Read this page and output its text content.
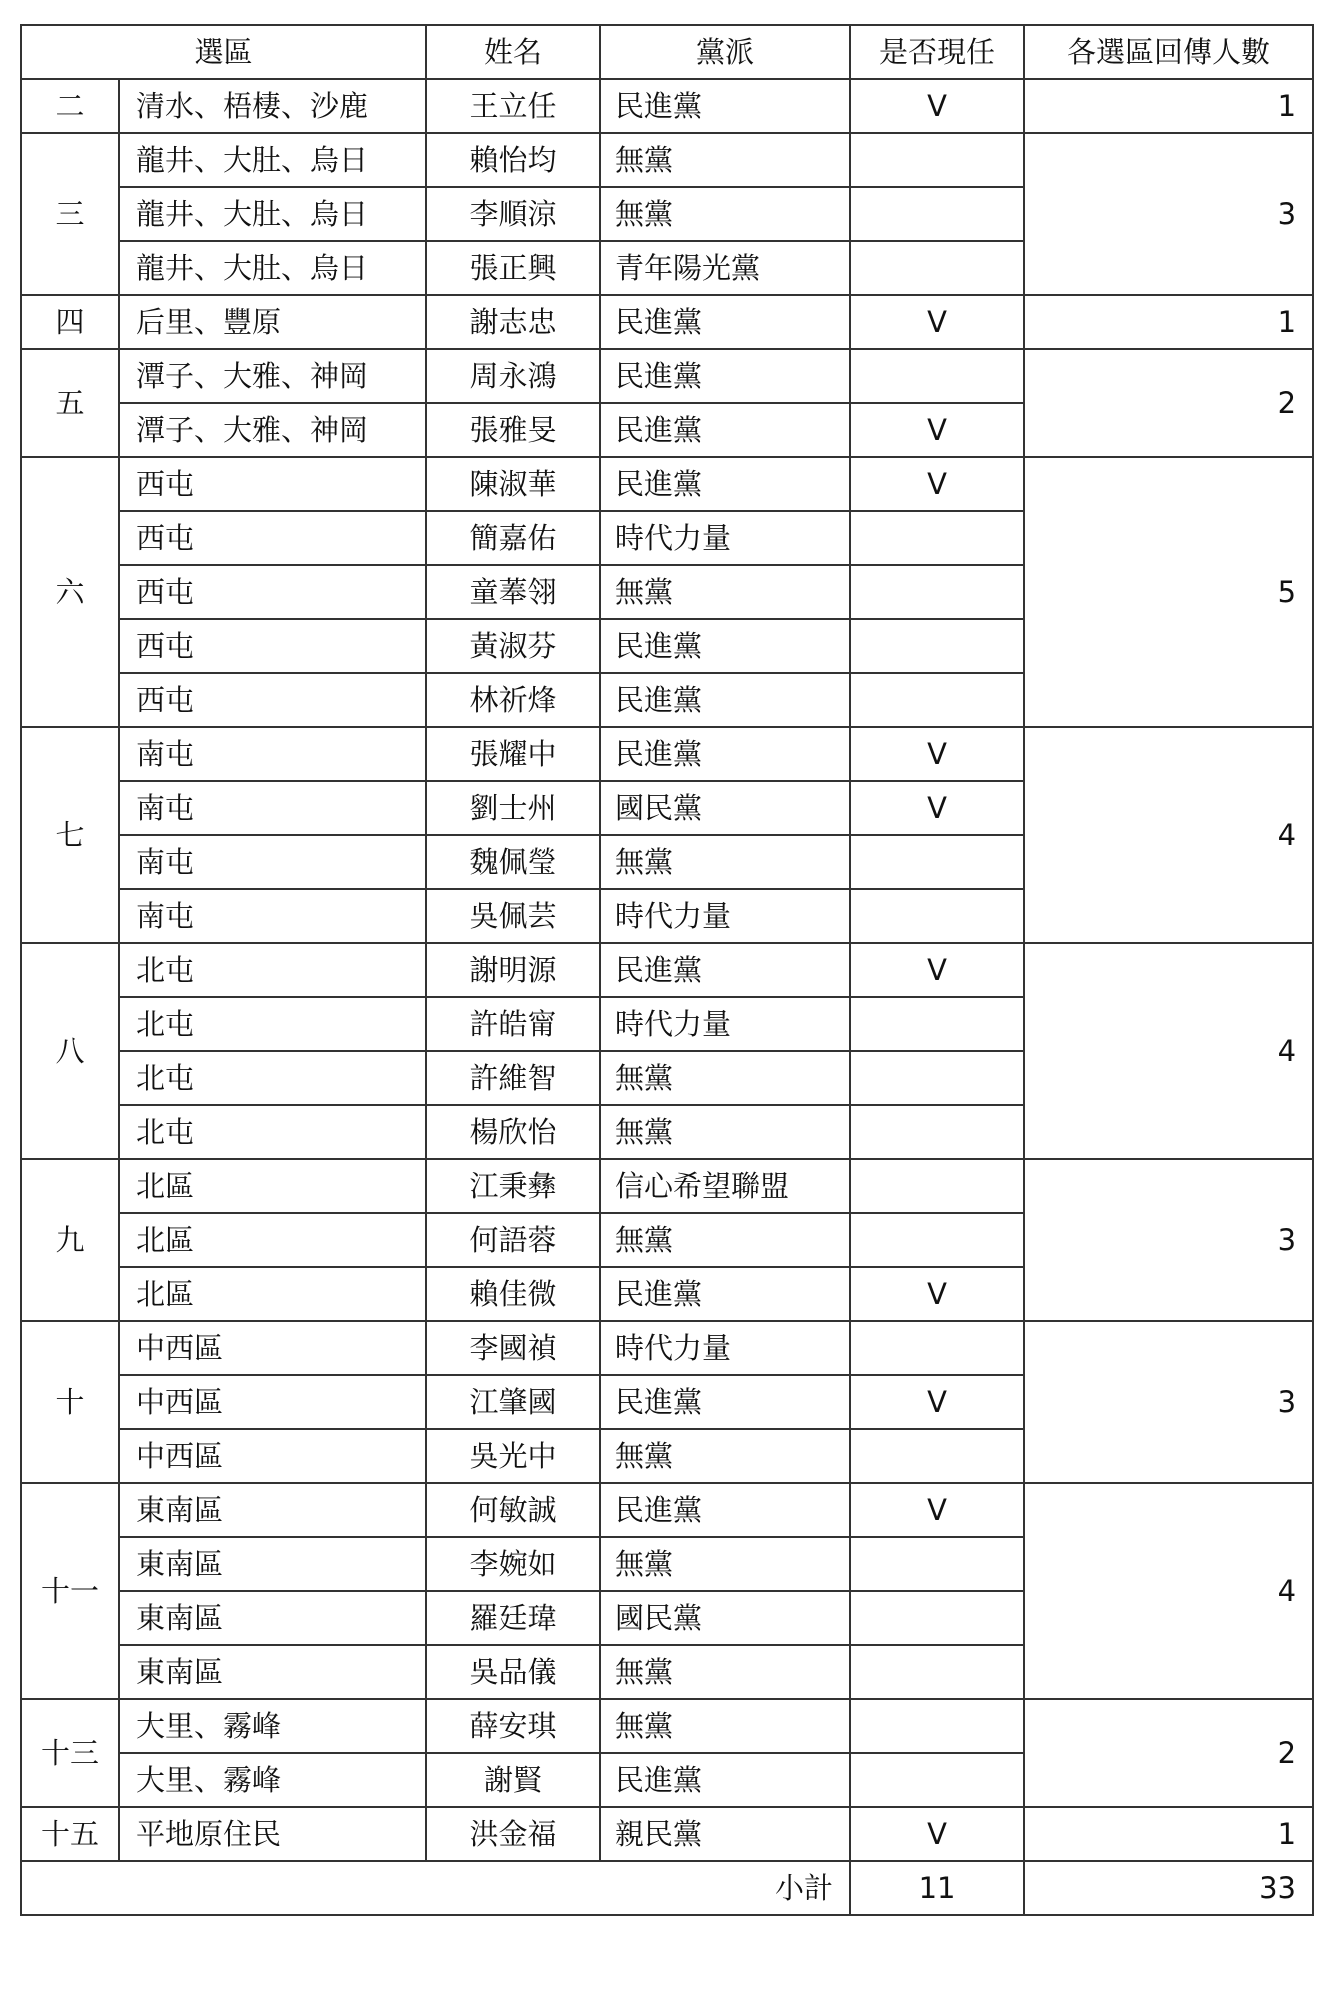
選區		姓名	黨派	是否現任	各選區回傳人數
二	清水、梧棲、沙鹿	王立任	民進黨	V	1
三	龍井、大肚、烏日	賴怡均	無黨		3
	龍井、大肚、烏日	李順涼	無黨		
	龍井、大肚、烏日	張正興	青年陽光黨		
四	后里、豐原	謝志忠	民進黨	V	1
五	潭子、大雅、神岡	周永鴻	民進黨		2
	潭子、大雅、神岡	張雅旻	民進黨	V	
六	西屯	陳淑華	民進黨	V	5
	西屯	簡嘉佑	時代力量		
	西屯	童菶翎	無黨		
	西屯	黃淑芬	民進黨		
	西屯	林祈烽	民進黨		
七	南屯	張耀中	民進黨	V	4
	南屯	劉士州	國民黨	V	
	南屯	魏佩瑩	無黨		
	南屯	吳佩芸	時代力量		
八	北屯	謝明源	民進黨	V	4
	北屯	許皓甯	時代力量		
	北屯	許維智	無黨		
	北屯	楊欣怡	無黨		
九	北區	江秉彝	信心希望聯盟		3
	北區	何語蓉	無黨		
	北區	賴佳微	民進黨	V	
十	中西區	李國禎	時代力量		3
	中西區	江肇國	民進黨	V	
	中西區	吳光中	無黨		
十一	東南區	何敏誠	民進黨	V	4
	東南區	李婉如	無黨		
	東南區	羅廷瑋	國民黨		
	東南區	吳品儀	無黨		
十三	大里、霧峰	薛安琪	無黨		2
	大里、霧峰	謝賢	民進黨		
十五	平地原住民	洪金福	親民黨	V	1
小計				11	33
